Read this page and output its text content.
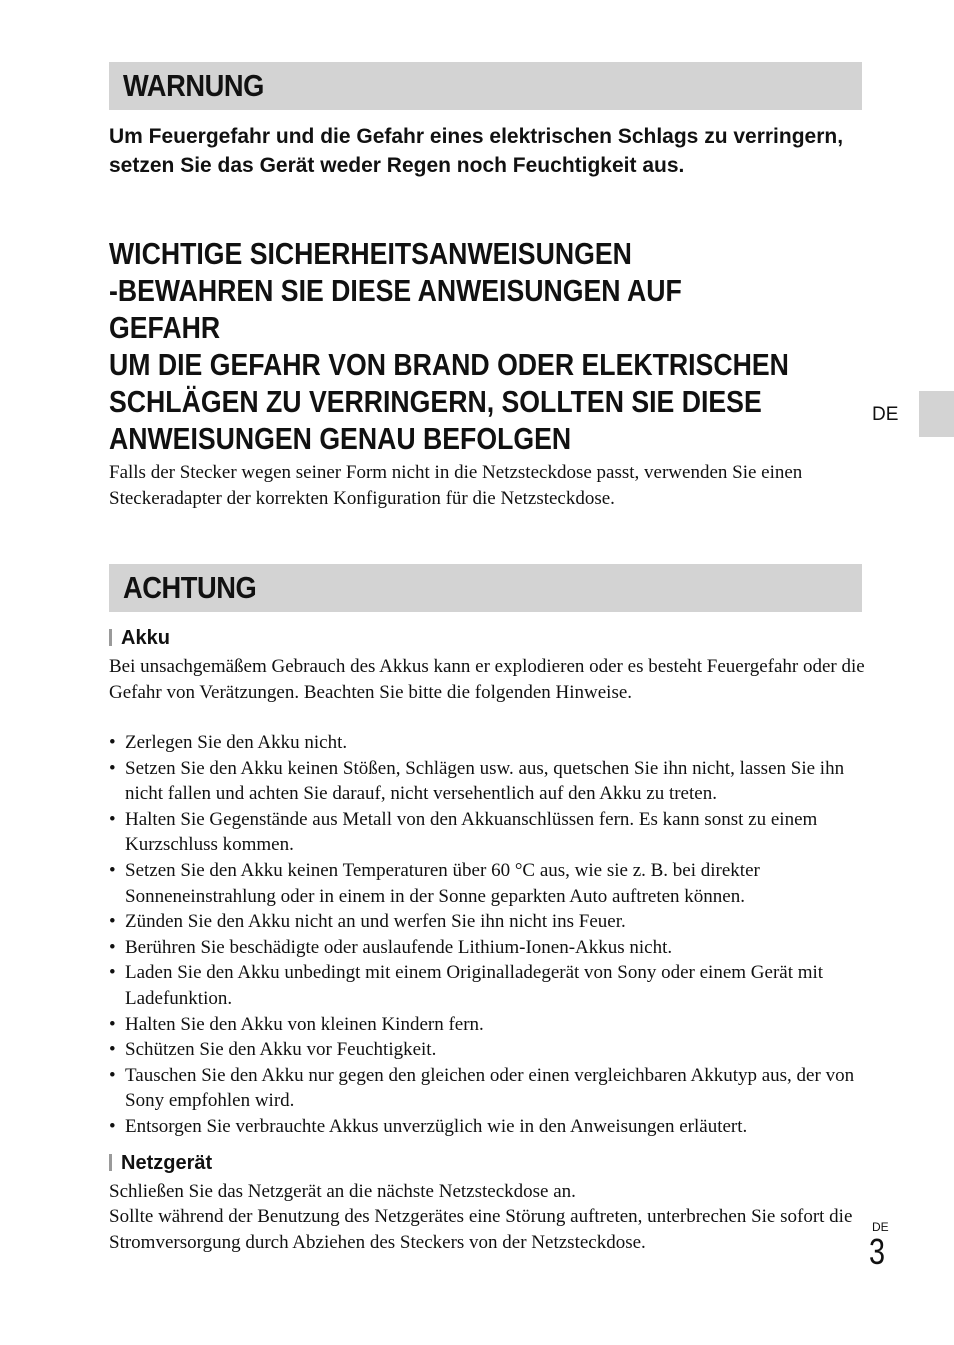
WARNUNG

Um Feuergefahr und die Gefahr eines elektrischen Schlags zu verringern, setzen Sie das Gerät weder Regen noch Feuchtigkeit aus.

WICHTIGE SICHERHEITSANWEISUNGEN
-BEWAHREN SIE DIESE ANWEISUNGEN AUF
GEFAHR
UM DIE GEFAHR VON BRAND ODER ELEKTRISCHEN
SCHLÄGEN ZU VERRINGERN, SOLLTEN SIE DIESE
ANWEISUNGEN GENAU BEFOLGEN

Falls der Stecker wegen seiner Form nicht in die Netzsteckdose passt, verwenden Sie einen Steckeradapter der korrekten Konfiguration für die Netzsteckdose.

ACHTUNG

Akku

Bei unsachgemäßem Gebrauch des Akkus kann er explodieren oder es besteht Feuergefahr oder die Gefahr von Verätzungen. Beachten Sie bitte die folgenden Hinweise.

• Zerlegen Sie den Akku nicht.
• Setzen Sie den Akku keinen Stößen, Schlägen usw. aus, quetschen Sie ihn nicht, lassen Sie ihn nicht fallen und achten Sie darauf, nicht versehentlich auf den Akku zu treten.
• Halten Sie Gegenstände aus Metall von den Akkuanschlüssen fern. Es kann sonst zu einem Kurzschluss kommen.
• Setzen Sie den Akku keinen Temperaturen über 60 °C aus, wie sie z. B. bei direkter Sonneneinstrahlung oder in einem in der Sonne geparkten Auto auftreten können.
• Zünden Sie den Akku nicht an und werfen Sie ihn nicht ins Feuer.
• Berühren Sie beschädigte oder auslaufende Lithium-Ionen-Akkus nicht.
• Laden Sie den Akku unbedingt mit einem Originalladegerät von Sony oder einem Gerät mit Ladefunktion.
• Halten Sie den Akku von kleinen Kindern fern.
• Schützen Sie den Akku vor Feuchtigkeit.
• Tauschen Sie den Akku nur gegen den gleichen oder einen vergleichbaren Akkutyp aus, der von Sony empfohlen wird.
• Entsorgen Sie verbrauchte Akkus unverzüglich wie in den Anweisungen erläutert.

Netzgerät

Schließen Sie das Netzgerät an die nächste Netzsteckdose an.

Sollte während der Benutzung des Netzgerätes eine Störung auftreten, unterbrechen Sie sofort die Stromversorgung durch Abziehen des Steckers von der Netzsteckdose.

DE
DE
3
